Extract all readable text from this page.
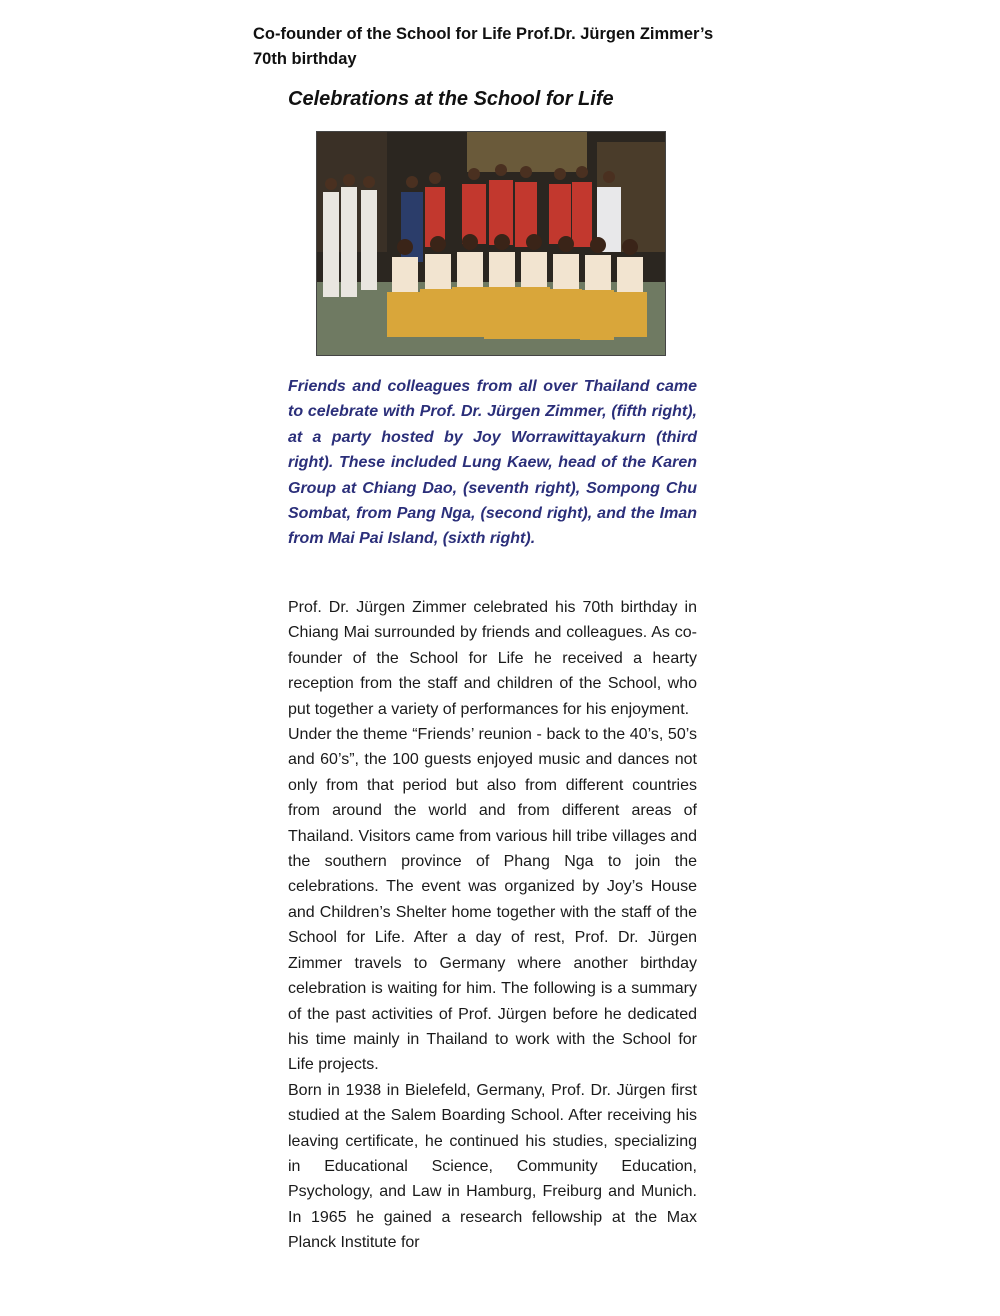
Co-founder of the School for Life Prof.Dr. Jürgen Zimmer’s
70th birthday
Celebrations at the School for Life
Friends and colleagues from all over Thailand came to celebrate with Prof. Dr. Jürgen Zimmer, (fifth right), at a party hosted by Joy Worrawittayakurn (third right). These included Lung Kaew, head of the Karen Group at Chiang Dao, (seventh right), Sompong Chu Sombat, from Pang Nga, (second right), and the Iman from Mai Pai Island, (sixth right).

Prof. Dr. Jürgen Zimmer celebrated his 70th birthday in Chiang Mai surrounded by friends and colleagues. As co-founder of the School for Life he received a hearty reception from the staff and children of the School, who put together a variety of performances for his enjoyment.

Under the theme “Friends’ reunion - back to the 40’s, 50’s and 60’s”, the 100 guests enjoyed music and dances not only from that period but also from different countries from around the world and from different areas of Thailand. Visitors came from various hill tribe villages and the southern province of Phang Nga to join the celebrations. The event was organized by Joy’s House and Children’s Shelter home together with the staff of the School for Life. After a day of rest, Prof. Dr. Jürgen Zimmer travels to Germany where another birthday celebration is waiting for him. The following is a summary of the past activities of Prof. Jürgen before he dedicated his time mainly in Thailand to work with the School for Life projects.

Born in 1938 in Bielefeld, Germany, Prof. Dr. Jürgen first studied at the Salem Boarding School. After receiving his leaving certificate, he continued his studies, specializing in Educational Science, Community Education, Psychology, and Law in Hamburg, Freiburg and Munich. In 1965 he gained a research fellowship at the Max Planck Institute for
